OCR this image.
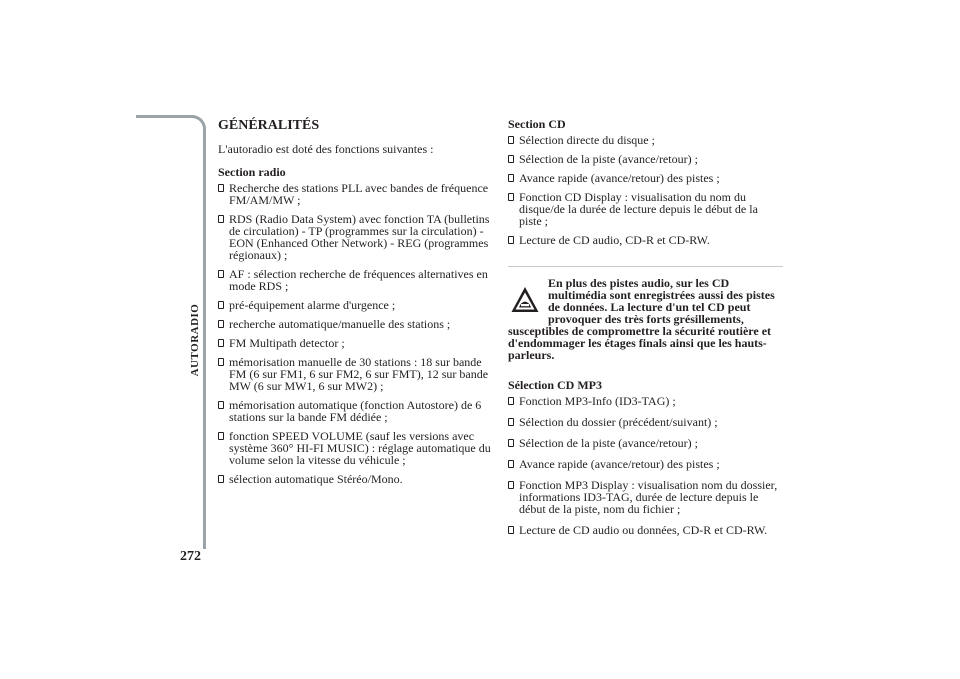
AUTORADIO
272
GÉNÉRALITÉS
L'autoradio est doté des fonctions suivantes :
Section radio
Recherche des stations PLL avec bandes de fréquence FM/AM/MW ;
RDS (Radio Data System) avec fonction TA (bulletins de circulation) - TP (programmes sur la circulation) - EON (Enhanced Other Network) - REG (programmes régionaux) ;
AF : sélection recherche de fréquences alternatives en mode RDS ;
pré-équipement alarme d'urgence ;
recherche automatique/manuelle des stations ;
FM Multipath detector ;
mémorisation manuelle de 30 stations : 18 sur bande FM (6 sur FM1, 6 sur FM2, 6 sur FMT), 12 sur bande MW (6 sur MW1, 6 sur MW2) ;
mémorisation automatique (fonction Autostore) de 6 stations sur la bande FM dédiée ;
fonction SPEED VOLUME (sauf les versions avec système 360° HI-FI MUSIC) : réglage automatique du volume selon la vitesse du véhicule ;
sélection automatique Stéréo/Mono.
Section CD
Sélection directe du disque ;
Sélection de la piste (avance/retour) ;
Avance rapide (avance/retour) des pistes ;
Fonction CD Display : visualisation du nom du disque/de la durée de lecture depuis le début de la piste ;
Lecture de CD audio, CD-R et CD-RW.
En plus des pistes audio, sur les CD multimédia sont enregistrées aussi des pistes de données. La lecture d'un tel CD peut provoquer des très forts grésillements, susceptibles de compromettre la sécurité routière et d'endommager les étages finals ainsi que les hauts-parleurs.
Sélection CD MP3
Fonction MP3-Info (ID3-TAG) ;
Sélection du dossier (précédent/suivant) ;
Sélection de la piste (avance/retour) ;
Avance rapide (avance/retour) des pistes ;
Fonction MP3 Display : visualisation nom du dossier, informations ID3-TAG, durée de lecture depuis le début de la piste, nom du fichier ;
Lecture de CD audio ou données, CD-R et CD-RW.
